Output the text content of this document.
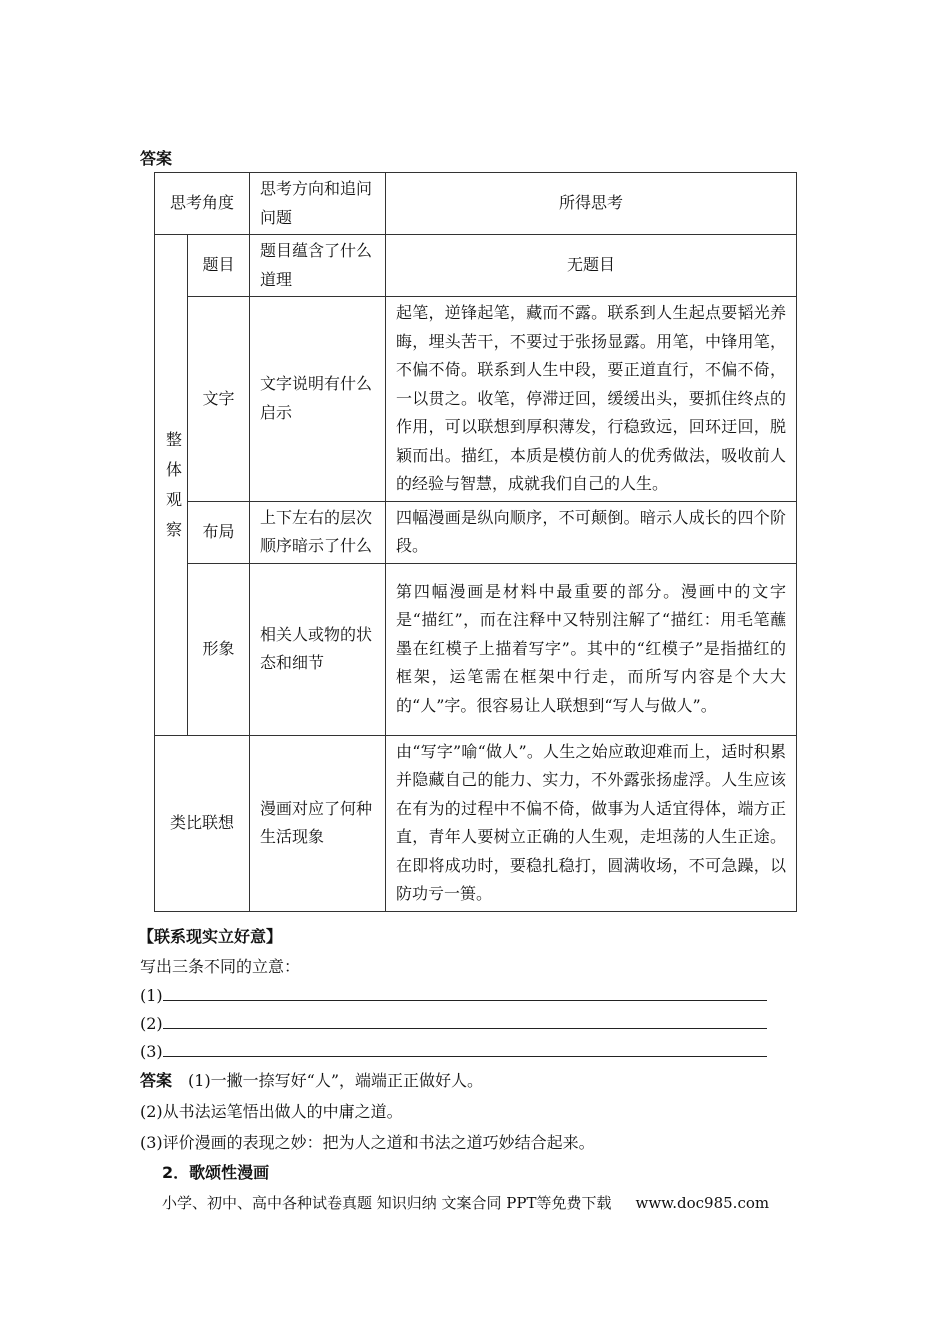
答案
思考角度		思考方向和追问问题	所得思考
整体观察	题目	题目蕴含了什么道理	无题目
	文字	文字说明有什么启示	起笔，逆锋起笔，藏而不露。联系到人生起点要韬光养晦，埋头苦干，不要过于张扬显露。用笔，中锋用笔，不偏不倚。联系到人生中段，要正道直行，不偏不倚，一以贯之。收笔，停滞迂回，缓缓出头，要抓住终点的作用，可以联想到厚积薄发，行稳致远，回环迂回，脱颖而出。描红，本质是模仿前人的优秀做法，吸收前人的经验与智慧，成就我们自己的人生。
	布局	上下左右的层次顺序暗示了什么	四幅漫画是纵向顺序，不可颠倒。暗示人成长的四个阶段。
	形象	相关人或物的状态和细节	第四幅漫画是材料中最重要的部分。漫画中的文字是“描红”，而在注释中又特别注解了“描红：用毛笔蘸墨在红模子上描着写字”。其中的“红模子”是指描红的框架，运笔需在框架中行走，而所写内容是个大大的“人”字。很容易让人联想到“写人与做人”。
类比联想		漫画对应了何种生活现象	由“写字”喻“做人”。人生之始应敢迎难而上，适时积累并隐藏自己的能力、实力，不外露张扬虚浮。人生应该在有为的过程中不偏不倚，做事为人适宜得体，端方正直，青年人要树立正确的人生观，走坦荡的人生正途。在即将成功时，要稳扎稳打，圆满收场，不可急躁，以防功亏一篑。
【联系现实立好意】
写出三条不同的立意：
(1)
(2)
(3)
答案 (1)一撇一捺写好“人”，端端正正做好人。
(2)从书法运笔悟出做人的中庸之道。
(3)评价漫画的表现之妙：把为人之道和书法之道巧妙结合起来。
2．歌颂性漫画
小学、初中、高中各种试卷真题 知识归纳 文案合同 PPT等免费下载 www.doc985.com
